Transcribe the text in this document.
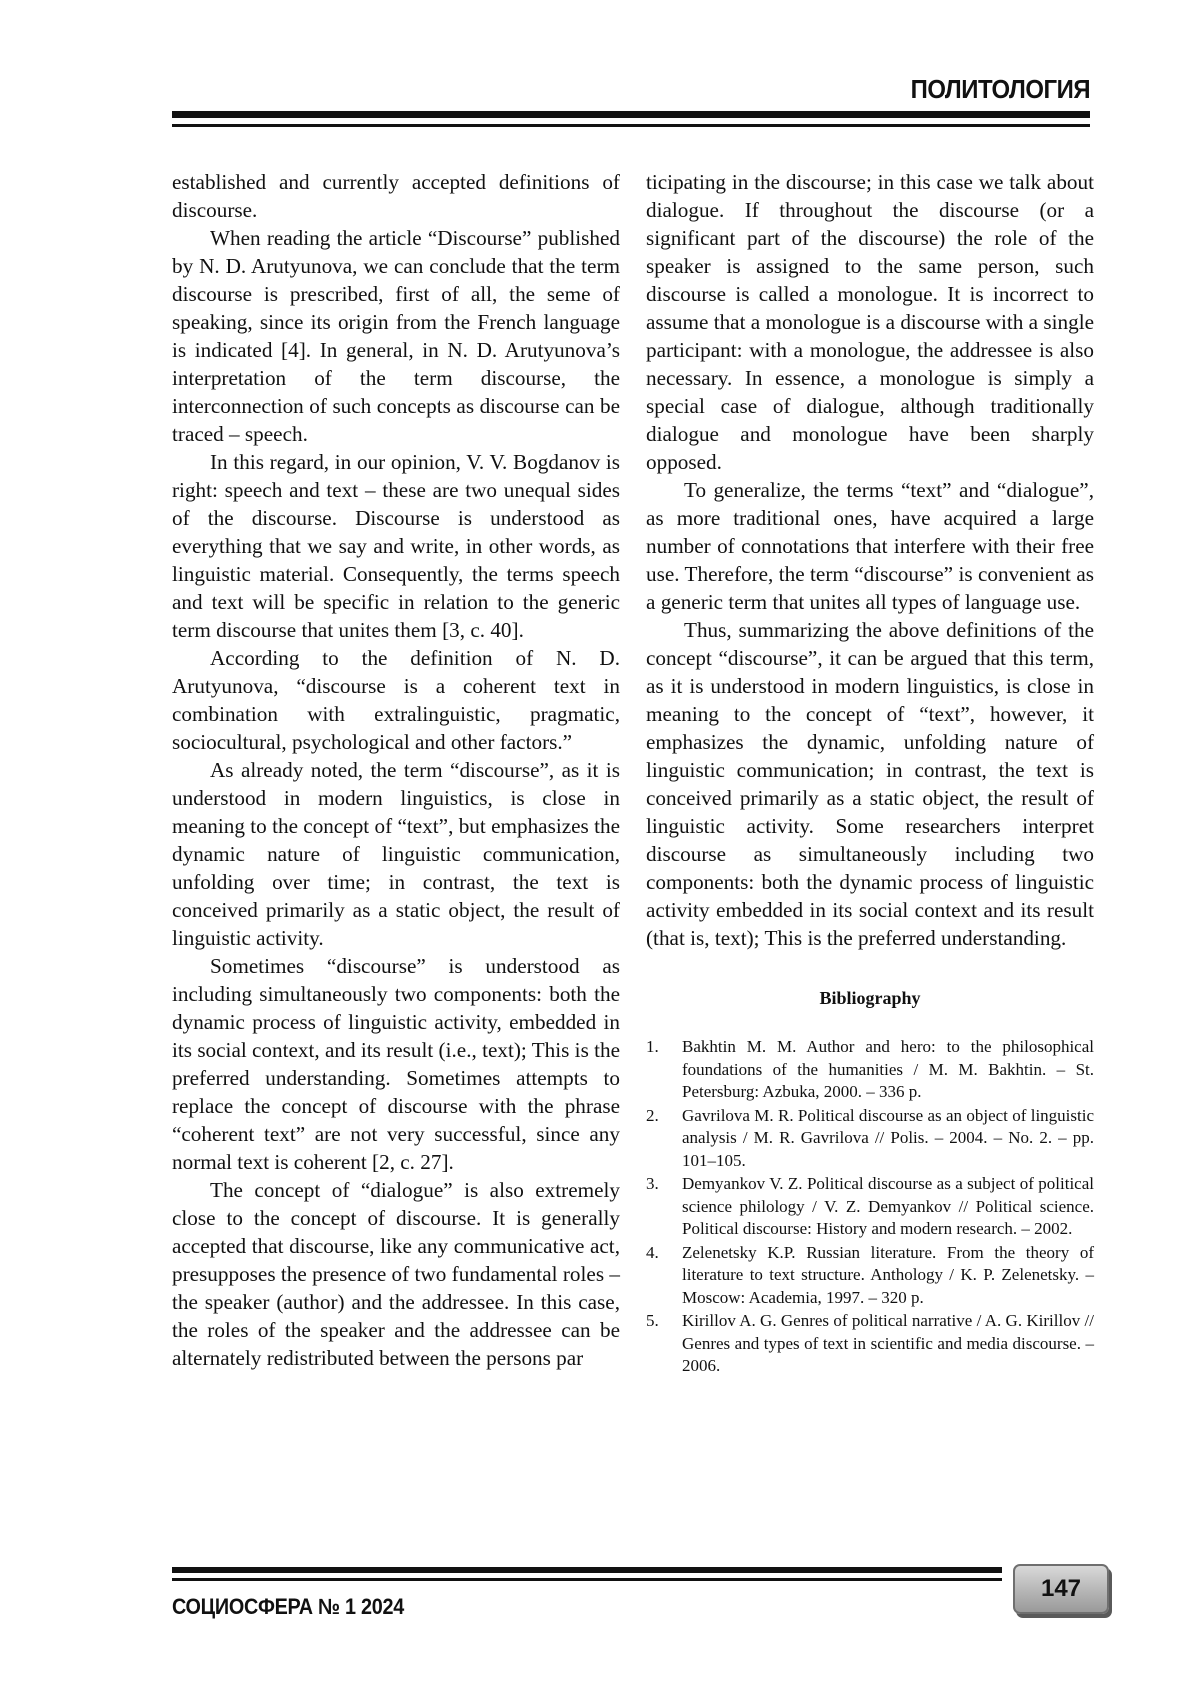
ПОЛИТОЛОГИЯ

established and currently accepted definitions of discourse.

When reading the article “Discourse” published by N. D. Arutyunova, we can conclude that the term discourse is prescribed, first of all, the seme of speaking, since its origin from the French language is indicated [4]. In general, in N. D. Arutyunova’s interpretation of the term discourse, the interconnection of such concepts as discourse can be traced – speech.

In this regard, in our opinion, V. V. Bogdanov is right: speech and text – these are two unequal sides of the discourse. Discourse is understood as everything that we say and write, in other words, as linguistic material. Consequently, the terms speech and text will be specific in relation to the generic term discourse that unites them [3, c. 40].

According to the definition of N. D. Arutyunova, “discourse is a coherent text in combination with extralinguistic, pragmatic, sociocultural, psychological and other factors.”

As already noted, the term “discourse”, as it is understood in modern linguistics, is close in meaning to the concept of “text”, but emphasizes the dynamic nature of linguistic communication, unfolding over time; in contrast, the text is conceived primarily as a static object, the result of linguistic activity.

Sometimes “discourse” is understood as including simultaneously two components: both the dynamic process of linguistic activity, embedded in its social context, and its result (i.e., text); This is the preferred understanding. Sometimes attempts to replace the concept of discourse with the phrase “coherent text” are not very successful, since any normal text is coherent [2, c. 27].

The concept of “dialogue” is also extremely close to the concept of discourse. It is generally accepted that discourse, like any communicative act, presupposes the presence of two fundamental roles – the speaker (author) and the addressee. In this case, the roles of the speaker and the addressee can be alternately redistributed between the persons par

ticipating in the discourse; in this case we talk about dialogue. If throughout the discourse (or a significant part of the discourse) the role of the speaker is assigned to the same person, such discourse is called a monologue. It is incorrect to assume that a monologue is a discourse with a single participant: with a monologue, the addressee is also necessary. In essence, a monologue is simply a special case of dialogue, although traditionally dialogue and monologue have been sharply opposed.

To generalize, the terms “text” and “dialogue”, as more traditional ones, have acquired a large number of connotations that interfere with their free use. Therefore, the term “discourse” is convenient as a generic term that unites all types of language use.

Thus, summarizing the above definitions of the concept “discourse”, it can be argued that this term, as it is understood in modern linguistics, is close in meaning to the concept of “text”, however, it emphasizes the dynamic, unfolding nature of linguistic communication; in contrast, the text is conceived primarily as a static object, the result of linguistic activity. Some researchers interpret discourse as simultaneously including two components: both the dynamic process of linguistic activity embedded in its social context and its result (that is, text); This is the preferred understanding.

Bibliography
1. Bakhtin M. M. Author and hero: to the philosophical foundations of the humanities / M. M. Bakhtin. – St. Petersburg: Azbuka, 2000. – 336 p.
2. Gavrilova M. R. Political discourse as an object of linguistic analysis / M. R. Gavrilova // Polis. – 2004. – No. 2. – pp. 101–105.
3. Demyankov V. Z. Political discourse as a subject of political science philology / V. Z. Demyankov // Political science. Political discourse: History and modern research. – 2002.
4. Zelenetsky K.P. Russian literature. From the theory of literature to text structure. Anthology / K. P. Zelenetsky. – Moscow: Academia, 1997. – 320 p.
5. Kirillov A. G. Genres of political narrative / A. G. Kirillov // Genres and types of text in scientific and media discourse. – 2006.
СОЦИОСФЕРА № 1 2024
147
